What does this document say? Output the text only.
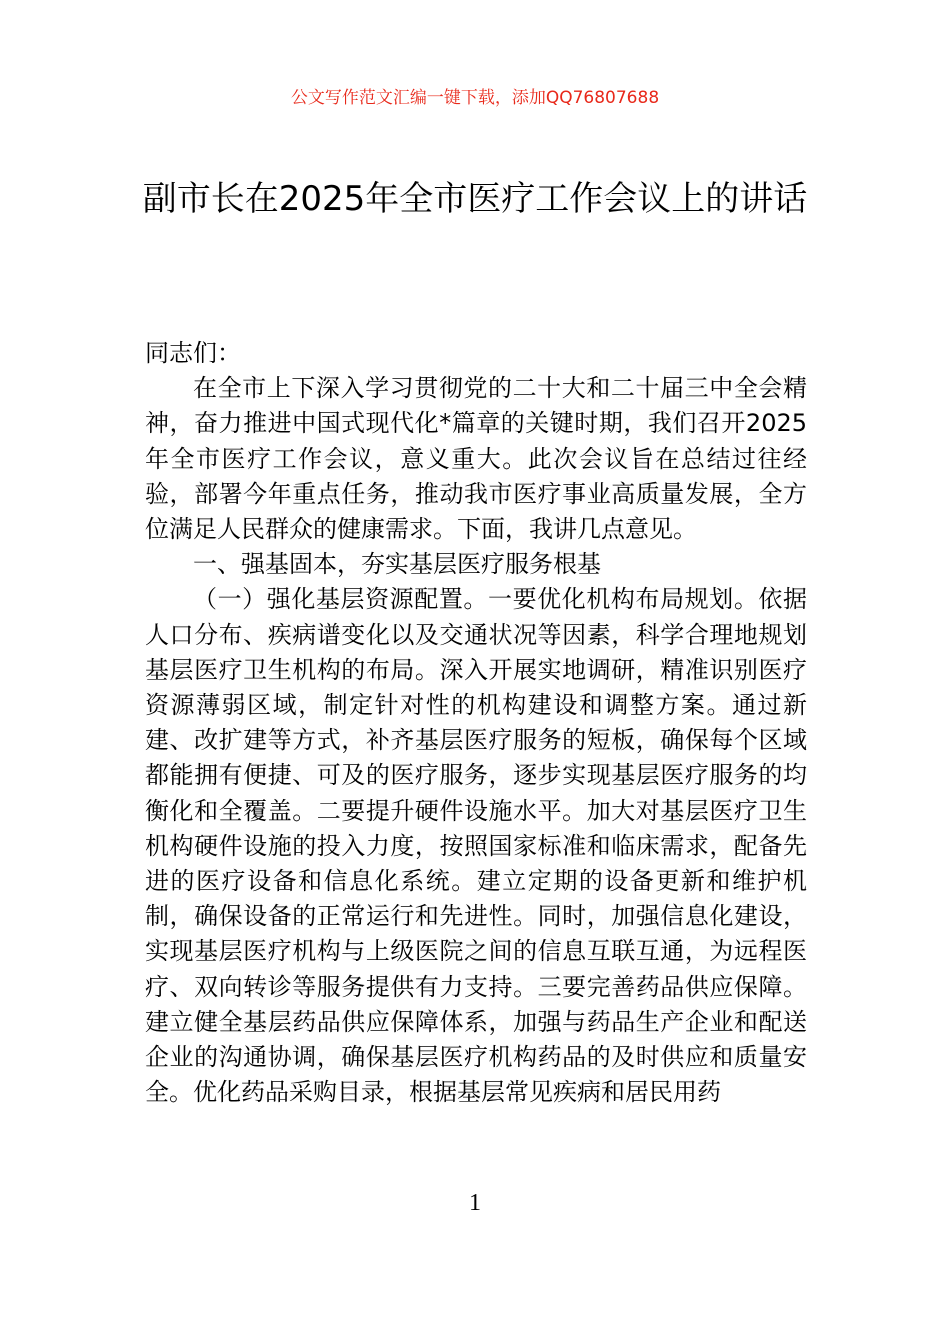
公文写作范文汇编一键下载，添加QQ76807688
副市长在2025年全市医疗工作会议上的讲话

同志们：

在全市上下深入学习贯彻党的二十大和二十届三中全会精神，奋力推进中国式现代化*篇章的关键时期，我们召开2025年全市医疗工作会议，意义重大。此次会议旨在总结过往经验，部署今年重点任务，推动我市医疗事业高质量发展，全方位满足人民群众的健康需求。下面，我讲几点意见。

一、强基固本，夯实基层医疗服务根基

（一）强化基层资源配置。一要优化机构布局规划。依据人口分布、疾病谱变化以及交通状况等因素，科学合理地规划基层医疗卫生机构的布局。深入开展实地调研，精准识别医疗资源薄弱区域，制定针对性的机构建设和调整方案。通过新建、改扩建等方式，补齐基层医疗服务的短板，确保每个区域都能拥有便捷、可及的医疗服务，逐步实现基层医疗服务的均衡化和全覆盖。二要提升硬件设施水平。加大对基层医疗卫生机构硬件设施的投入力度，按照国家标准和临床需求，配备先进的医疗设备和信息化系统。建立定期的设备更新和维护机制，确保设备的正常运行和先进性。同时，加强信息化建设，实现基层医疗机构与上级医院之间的信息互联互通，为远程医疗、双向转诊等服务提供有力支持。三要完善药品供应保障。建立健全基层药品供应保障体系，加强与药品生产企业和配送企业的沟通协调，确保基层医疗机构药品的及时供应和质量安全。优化药品采购目录，根据基层常见疾病和居民用药

1
